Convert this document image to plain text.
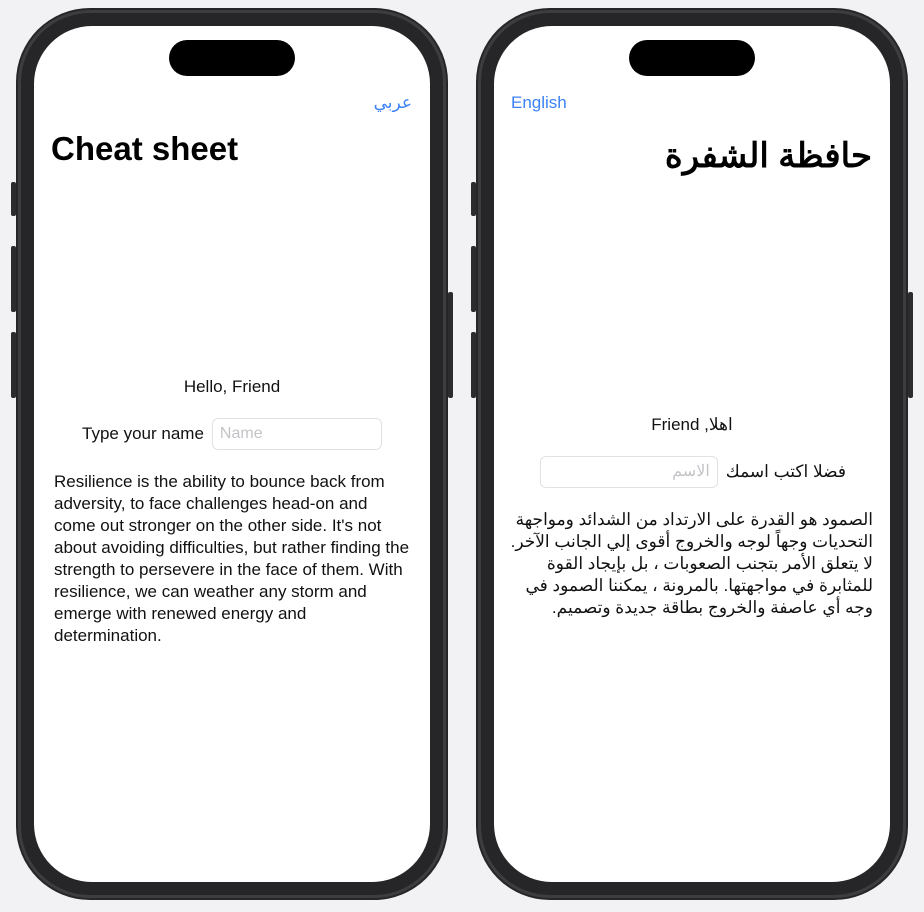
عربي
Cheat sheet
Hello, Friend
Type your name
Name

Resilience is the ability to bounce back from adversity, to face challenges head-on and come out stronger on the other side. It's not about avoiding difficulties, but rather finding the strength to persevere in the face of them. With resilience, we can weather any storm and emerge with renewed energy and determination.

English
حافظة الشفرة
اهلا, Friend
فضلا اكتب اسمك
الاسم

الصمود هو القدرة على الارتداد من الشدائد ومواجهة التحديات وجهاً لوجه والخروج أقوى إلي الجانب الآخر. لا يتعلق الأمر بتجنب الصعوبات ، بل بإيجاد القوة للمثابرة في مواجهتها. بالمرونة ، يمكننا الصمود في وجه أي عاصفة والخروج بطاقة جديدة وتصميم.
